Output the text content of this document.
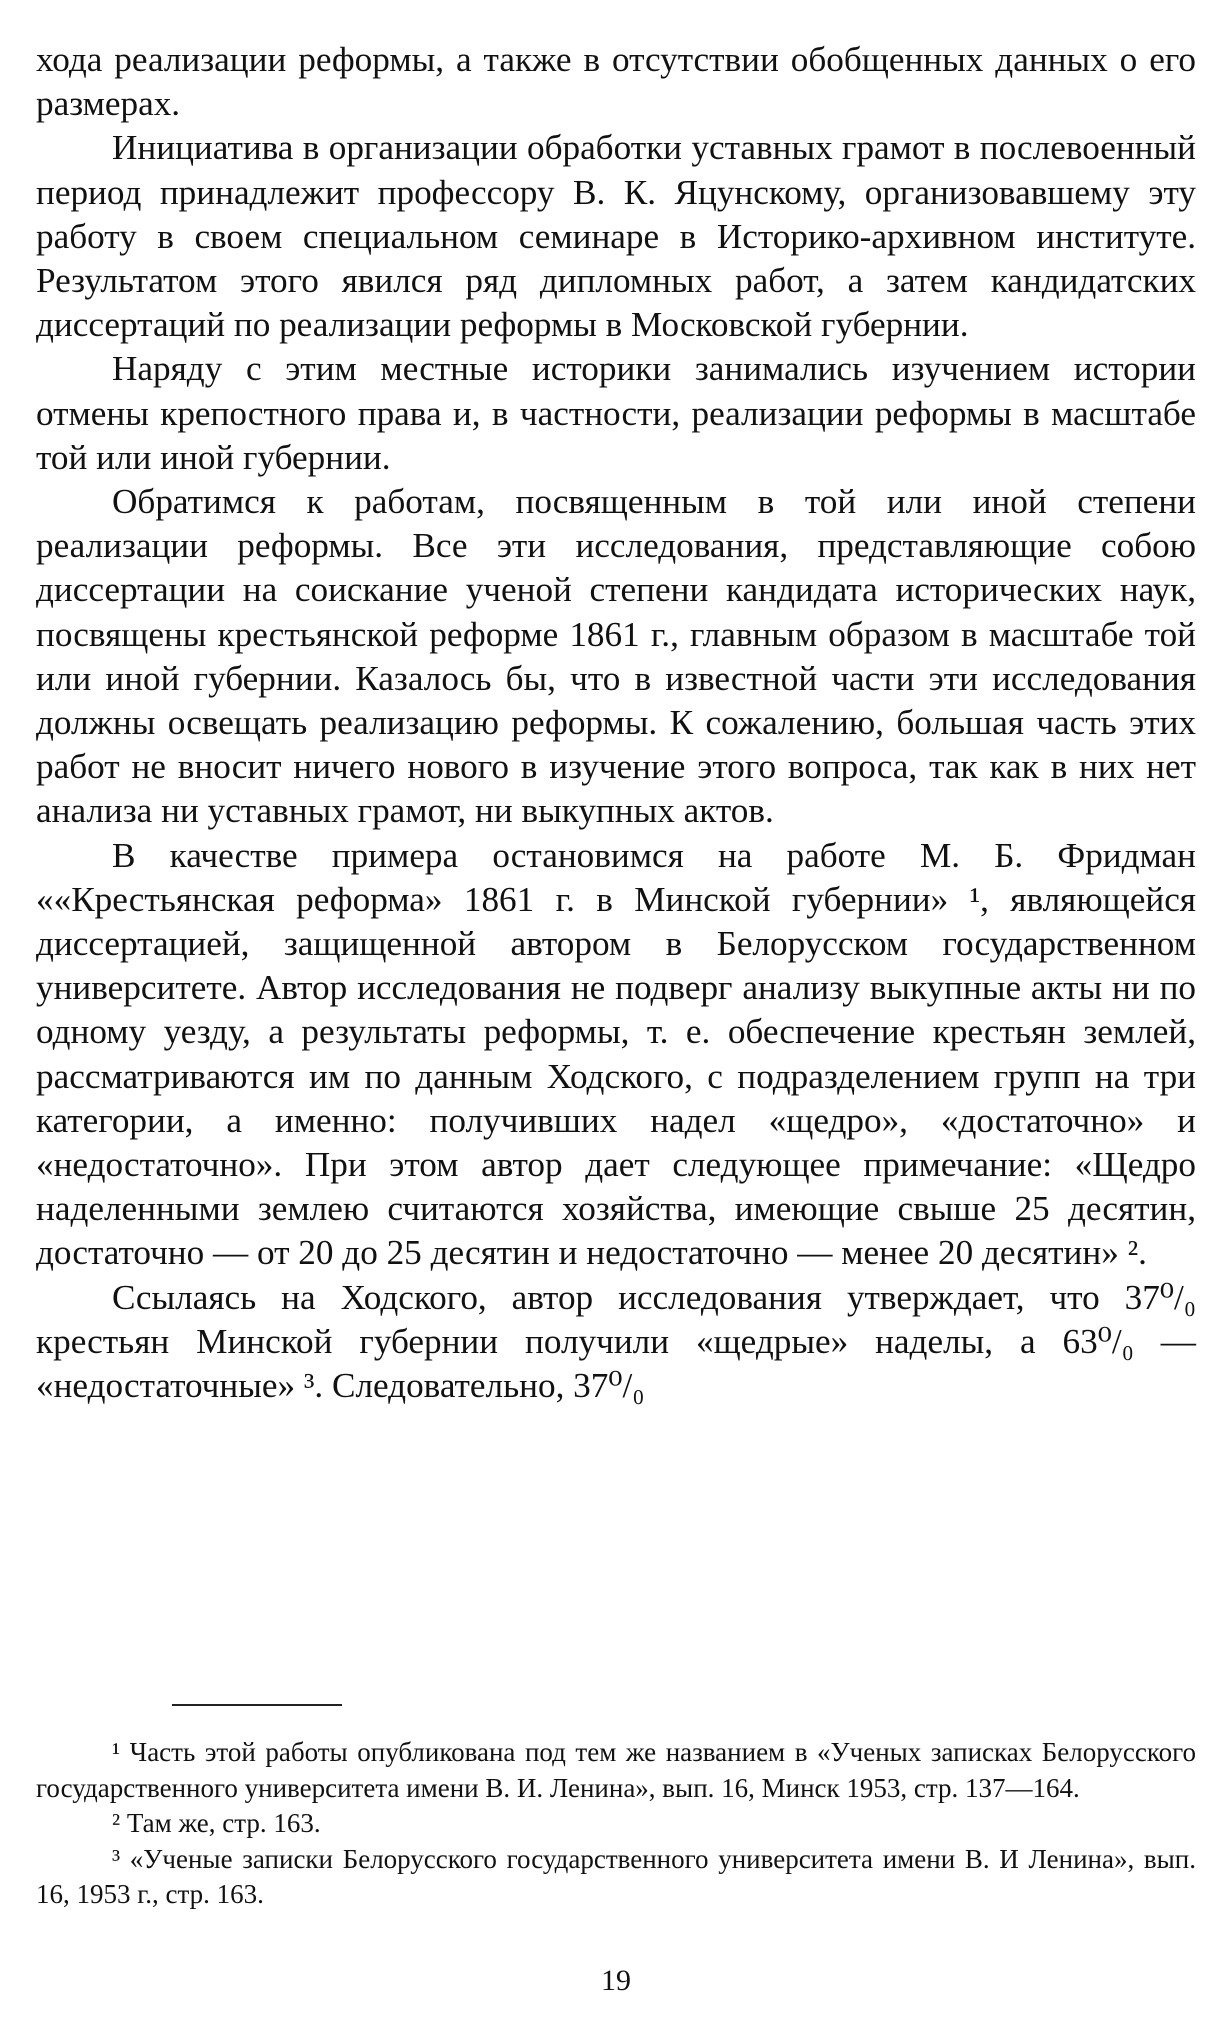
хода реализации реформы, а также в отсутствии обобщенных данных о его размерах.

Инициатива в организации обработки уставных грамот в послевоенный период принадлежит профессору В. К. Яцунскому, организовавшему эту работу в своем специальном семинаре в Историко-архивном институте. Результатом этого явился ряд дипломных работ, а затем кандидатских диссертаций по реализации реформы в Московской губернии.

Наряду с этим местные историки занимались изучением истории отмены крепостного права и, в частности, реализации реформы в масштабе той или иной губернии.

Обратимся к работам, посвященным в той или иной степени реализации реформы. Все эти исследования, представляющие собою диссертации на соискание ученой степени кандидата исторических наук, посвящены крестьянской реформе 1861 г., главным образом в масштабе той или иной губернии. Казалось бы, что в известной части эти исследования должны освещать реализацию реформы. К сожалению, большая часть этих работ не вносит ничего нового в изучение этого вопроса, так как в них нет анализа ни уставных грамот, ни выкупных актов.

В качестве примера остановимся на работе М. Б. Фридман ««Крестьянская реформа» 1861 г. в Минской губернии» ¹, являющейся диссертацией, защищенной автором в Белорусском государственном университете. Автор исследования не подверг анализу выкупные акты ни по одному уезду, а результаты реформы, т. е. обеспечение крестьян землей, рассматриваются им по данным Ходского, с подразделением групп на три категории, а именно: получивших надел «щедро», «достаточно» и «недостаточно». При этом автор дает следующее примечание: «Щедро наделенными землею считаются хозяйства, имеющие свыше 25 десятин, достаточно — от 20 до 25 десятин и недостаточно — менее 20 десятин» ².

Ссылаясь на Ходского, автор исследования утверждает, что 37⁰/₀ крестьян Минской губернии получили «щедрые» наделы, а 63⁰/₀ — «недостаточные» ³. Следовательно, 37⁰/₀

¹ Часть этой работы опубликована под тем же названием в «Ученых записках Белорусского государственного университета имени В. И. Ленина», вып. 16, Минск 1953, стр. 137—164.

² Там же, стр. 163.

³ «Ученые записки Белорусского государственного университета имени В. И Ленина», вып. 16, 1953 г., стр. 163.

19
